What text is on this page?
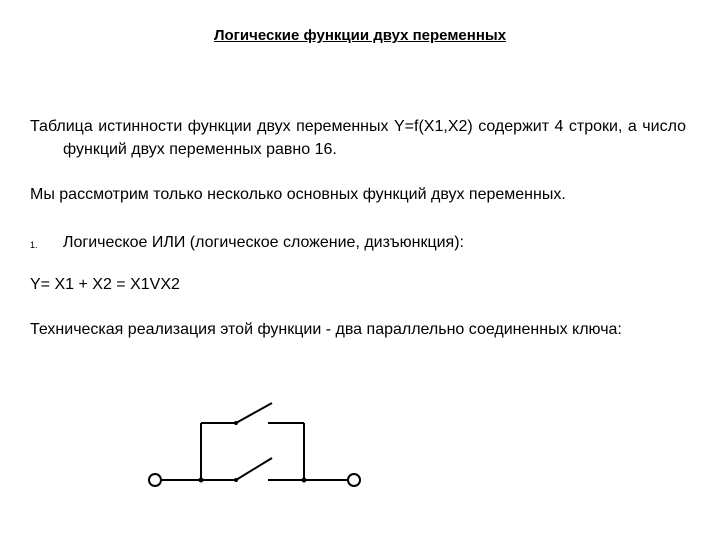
Логические функции двух переменных
Таблица истинности функции двух переменных Y=f(X1,X2) содержит 4 строки, а число функций двух переменных равно 16.
Мы рассмотрим только несколько основных функций двух переменных.
1. Логическое ИЛИ (логическое сложение, дизъюнкция):
Y= X1 + X2 = X1VX2
Техническая реализация этой функции - два параллельно соединенных ключа:
